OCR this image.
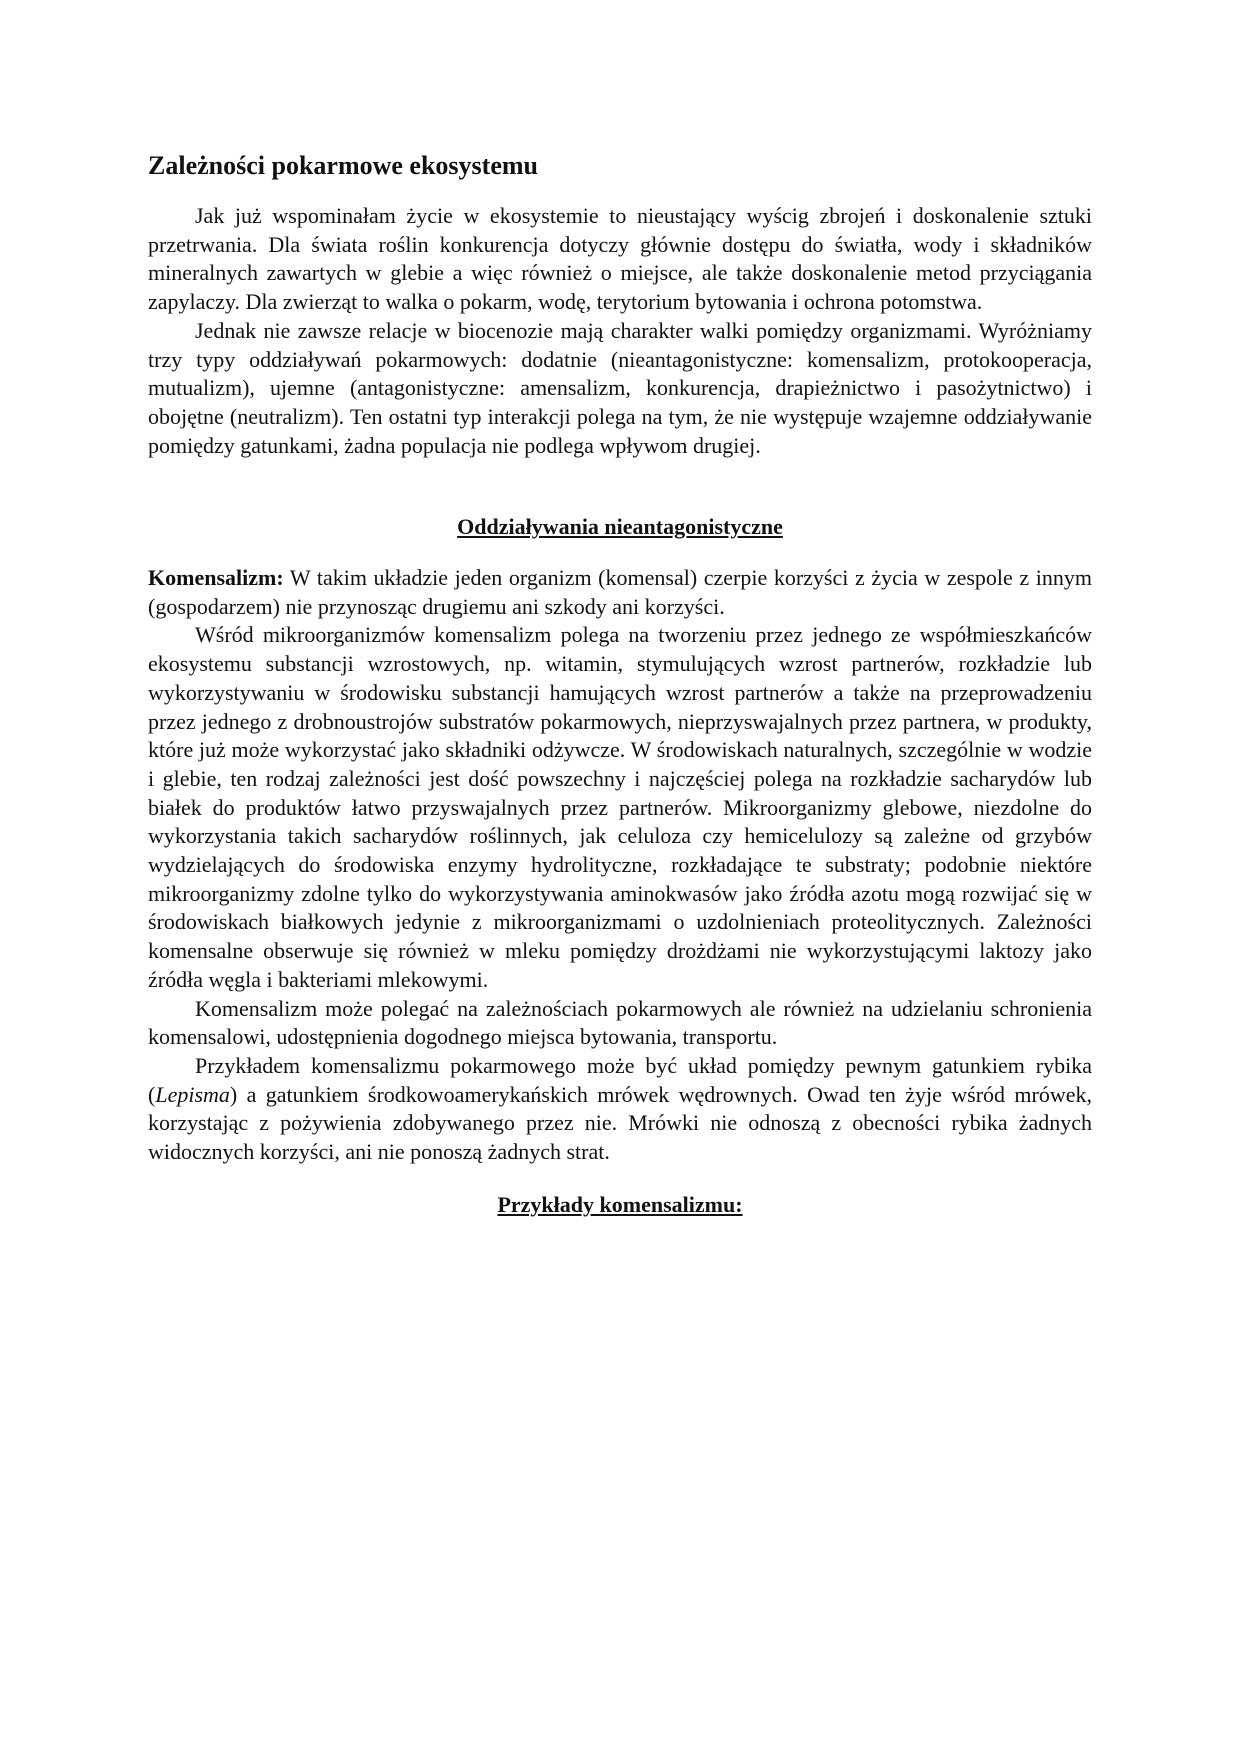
Zależności pokarmowe ekosystemu

Jak już wspominałam życie w ekosystemie to nieustający wyścig zbrojeń i doskonalenie sztuki przetrwania. Dla świata roślin konkurencja dotyczy głównie dostępu do światła, wody i składników mineralnych zawartych w glebie a więc również o miejsce, ale także doskonalenie metod przyciągania zapylaczy. Dla zwierząt to walka o pokarm, wodę, terytorium bytowania i ochrona potomstwa.

Jednak nie zawsze relacje w biocenozie mają charakter walki pomiędzy organizmami. Wyróżniamy trzy typy oddziaływań pokarmowych: dodatnie (nieantagonistyczne: komensalizm, protokooperacja, mutualizm), ujemne (antagonistyczne: amensalizm, konkurencja, drapieżnictwo i pasożytnictwo) i obojętne (neutralizm). Ten ostatni typ interakcji polega na tym, że nie występuje wzajemne oddziaływanie pomiędzy gatunkami, żadna populacja nie podlega wpływom drugiej.

Oddziaływania nieantagonistyczne

Komensalizm: W takim układzie jeden organizm (komensal) czerpie korzyści z życia w zespole z innym (gospodarzem) nie przynosząc drugiemu ani szkody ani korzyści.

Wśród mikroorganizmów komensalizm polega na tworzeniu przez jednego ze współmieszkańców ekosystemu substancji wzrostowych, np. witamin, stymulujących wzrost partnerów, rozkładzie lub wykorzystywaniu w środowisku substancji hamujących wzrost partnerów a także na przeprowadzeniu przez jednego z drobnoustrojów substratów pokarmowych, nieprzyswajalnych przez partnera, w produkty, które już może wykorzystać jako składniki odżywcze. W środowiskach naturalnych, szczególnie w wodzie i glebie, ten rodzaj zależności jest dość powszechny i najczęściej polega na rozkładzie sacharydów lub białek do produktów łatwo przyswajalnych przez partnerów. Mikroorganizmy glebowe, niezdolne do wykorzystania takich sacharydów roślinnych, jak celuloza czy hemicelulozy są zależne od grzybów wydzielających do środowiska enzymy hydrolityczne, rozkładające te substraty; podobnie niektóre mikroorganizmy zdolne tylko do wykorzystywania aminokwasów jako źródła azotu mogą rozwijać się w środowiskach białkowych jedynie z mikroorganizmami o uzdolnieniach proteolitycznych. Zależności komensalne obserwuje się również w mleku pomiędzy drożdżami nie wykorzystującymi laktozy jako źródła węgla i bakteriami mlekowymi.

Komensalizm może polegać na zależnościach pokarmowych ale również na udzielaniu schronienia komensalowi, udostępnienia dogodnego miejsca bytowania, transportu.

Przykładem komensalizmu pokarmowego może być układ pomiędzy pewnym gatunkiem rybika (Lepisma) a gatunkiem środkowoamerykańskich mrówek wędrownych. Owad ten żyje wśród mrówek, korzystając z pożywienia zdobywanego przez nie. Mrówki nie odnoszą z obecności rybika żadnych widocznych korzyści, ani nie ponoszą żadnych strat.

Przykłady komensalizmu:
